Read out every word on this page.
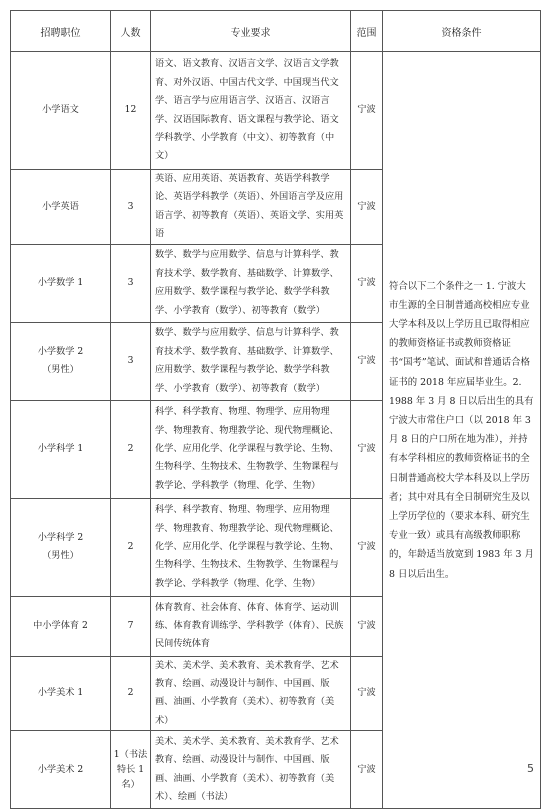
招聘职位	人数	专业要求	范围	资格条件
小学语文	12	语文、语文教育、汉语言文学、汉语言文学教育、对外汉语、中国古代文学、中国现当代文学、语言学与应用语言学、汉语言、汉语言学、汉语国际教育、语文课程与教学论、语文学科教学、小学教育（中文）、初等教育（中文）	宁波	符合以下二个条件之一 1. 宁波大市生源的全日制普通高校相应专业大学本科及以上学历且已取得相应的教师资格证书或教师资格证书“国考”笔试、面试和普通话合格证书的 2018 年应届毕业生。2. 1988 年 3 月 8 日以后出生的具有宁波大市常住户口（以 2018 年 3 月 8 日的户口所在地为准），并持有本学科相应的教师资格证书的全日制普通高校大学本科及以上学历者；其中对具有全日制研究生及以上学历学位的（要求本科、研究生专业一致）或具有高级教师职称的，年龄适当放宽到 1983 年 3 月 8 日以后出生。
小学英语	3	英语、应用英语、英语教育、英语学科教学论、英语学科教学（英语）、外国语言学及应用语言学、初等教育（英语）、英语文学、实用英语	宁波	
小学数学 1	3	数学、数学与应用数学、信息与计算科学、教育技术学、数学教育、基础数学、计算数学、应用数学、数学课程与教学论、数学学科教学、小学教育（数学）、初等教育（数学）	宁波	
小学数学 2
（男性）	3	数学、数学与应用数学、信息与计算科学、教育技术学、数学教育、基础数学、计算数学、应用数学、数学课程与教学论、数学学科教学、小学教育（数学）、初等教育（数学）	宁波	
小学科学 1	2	科学、科学教育、物理、物理学、应用物理学、物理教育、物理教学论、现代物理概论、化学、应用化学、化学课程与教学论、生物、生物科学、生物技术、生物教学、生物课程与教学论、学科教学（物理、化学、生物）	宁波	
小学科学 2
（男性）	2	科学、科学教育、物理、物理学、应用物理学、物理教育、物理教学论、现代物理概论、化学、应用化学、化学课程与教学论、生物、生物科学、生物技术、生物教学、生物课程与教学论、学科教学（物理、化学、生物）	宁波	
中小学体育 2	7	体育教育、社会体育、体育、体育学、运动训练、体育教育训练学、学科教学（体育）、民族民间传统体育	宁波	
小学美术 1	2	美术、美术学、美术教育、美术教育学、艺术教育、绘画、动漫设计与制作、中国画、版画、油画、小学教育（美术）、初等教育（美术）	宁波	
小学美术 2	1（书法特长 1 名）	美术、美术学、美术教育、美术教育学、艺术教育、绘画、动漫设计与制作、中国画、版画、油画、小学教育（美术）、初等教育（美术）、绘画（书法）	宁波		5
